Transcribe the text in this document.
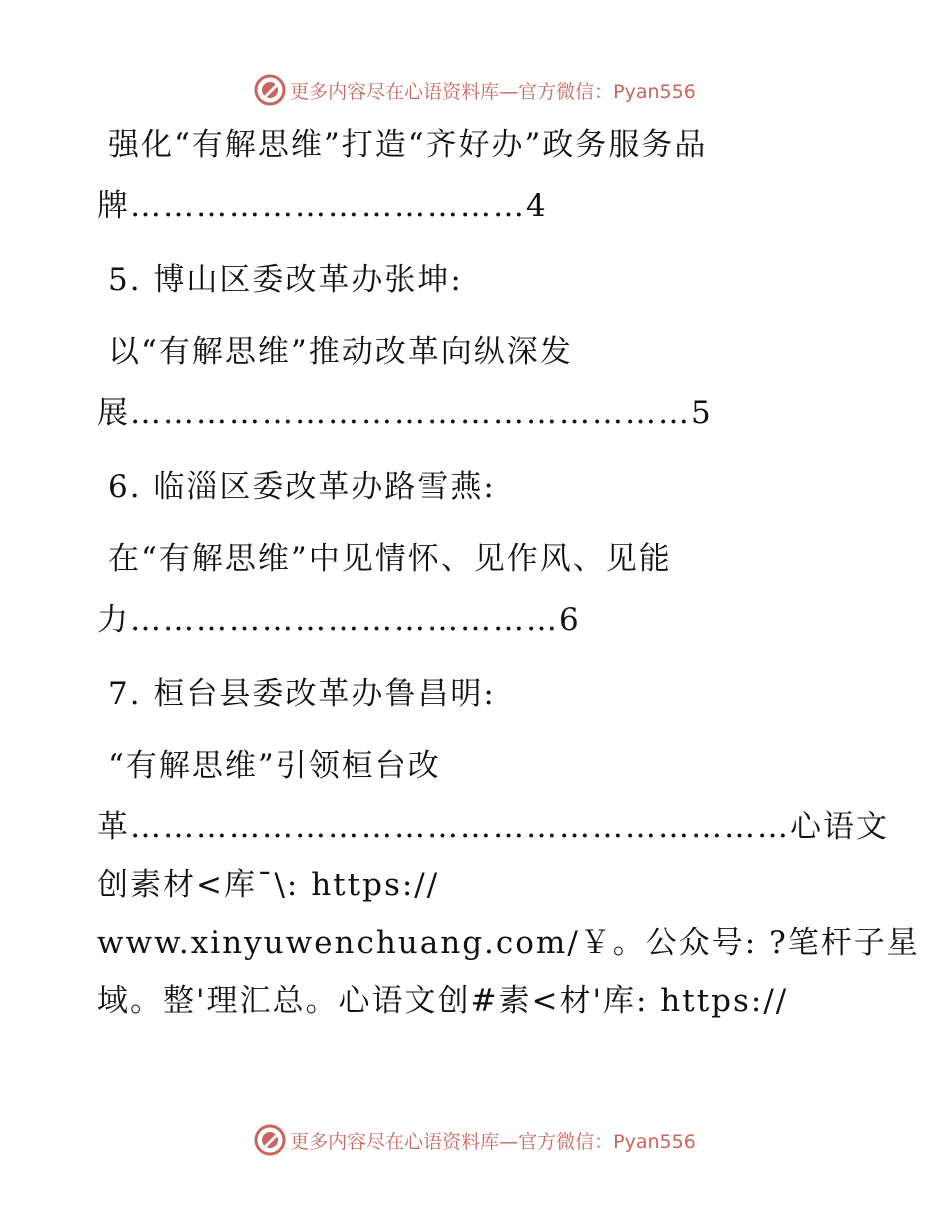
更多内容尽在心语资料库—官方微信：Pyan556
强化“有解思维”打造“齐好办”政务服务品
牌………………………………4
5. 博山区委改革办张坤:
以“有解思维”推动改革向纵深发
展……………………………………………5
6. 临淄区委改革办路雪燕:
在“有解思维”中见情怀、见作风、见能
力…………………………………6
7. 桓台县委改革办鲁昌明:
“有解思维”引领桓台改
革……………………………………………………心语文
创素材<库¯\: https://
www.xinyuwenchuang.com/￥。公众号: ?笔杆子星
域。整'理汇总。心语文创#素<材'库: https://
更多内容尽在心语资料库—官方微信：Pyan556
